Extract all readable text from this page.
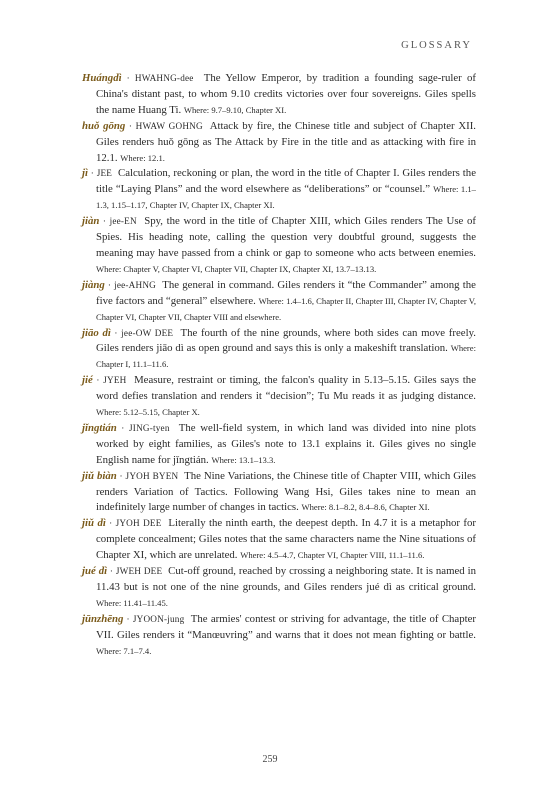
GLOSSARY

Huángdì · HWAHNG-dee The Yellow Emperor, by tradition a founding sage-ruler of China's distant past, to whom 9.10 credits victories over four sovereigns. Giles spells the name Huang Ti. Where: 9.7–9.10, Chapter XI.

huǒ gōng · HWAW GOHNG Attack by fire, the Chinese title and subject of Chapter XII. Giles renders huǒ gōng as The Attack by Fire in the title and as attacking with fire in 12.1. Where: 12.1.

jì · JEE Calculation, reckoning or plan, the word in the title of Chapter I. Giles renders the title “Laying Plans” and the word elsewhere as “deliberations” or “counsel.” Where: 1.1–1.3, 1.15–1.17, Chapter IV, Chapter IX, Chapter XI.

jiàn · jee-EN Spy, the word in the title of Chapter XIII, which Giles renders The Use of Spies. His heading note, calling the question very doubtful ground, suggests the meaning may have passed from a chink or gap to someone who acts between enemies. Where: Chapter V, Chapter VI, Chapter VII, Chapter IX, Chapter XI, 13.7–13.13.

jiàng · jee-AHNG The general in command. Giles renders it “the Commander” among the five factors and “general” elsewhere. Where: 1.4–1.6, Chapter II, Chapter III, Chapter IV, Chapter V, Chapter VI, Chapter VII, Chapter VIII and elsewhere.

jiāo dì · jee-OW DEE The fourth of the nine grounds, where both sides can move freely. Giles renders jiāo dì as open ground and says this is only a makeshift translation. Where: Chapter I, 11.1–11.6.

jié · JYEH Measure, restraint or timing, the falcon's quality in 5.13–5.15. Giles says the word defies translation and renders it “decision”; Tu Mu reads it as judging distance. Where: 5.12–5.15, Chapter X.

jǐngtián · JING-tyen The well-field system, in which land was divided into nine plots worked by eight families, as Giles's note to 13.1 explains it. Giles gives no single English name for jǐngtián. Where: 13.1–13.3.

jiǔ biàn · JYOH BYEN The Nine Variations, the Chinese title of Chapter VIII, which Giles renders Variation of Tactics. Following Wang Hsi, Giles takes nine to mean an indefinitely large number of changes in tactics. Where: 8.1–8.2, 8.4–8.6, Chapter XI.

jiǔ dì · JYOH DEE Literally the ninth earth, the deepest depth. In 4.7 it is a metaphor for complete concealment; Giles notes that the same characters name the Nine situations of Chapter XI, which are unrelated. Where: 4.5–4.7, Chapter VI, Chapter VIII, 11.1–11.6.

jué dì · JWEH DEE Cut-off ground, reached by crossing a neighboring state. It is named in 11.43 but is not one of the nine grounds, and Giles renders jué dì as critical ground. Where: 11.41–11.45.

jūnzhēng · JYOON-jung The armies' contest or striving for advantage, the title of Chapter VII. Giles renders it “Manœuvring” and warns that it does not mean fighting or battle. Where: 7.1–7.4.

259
